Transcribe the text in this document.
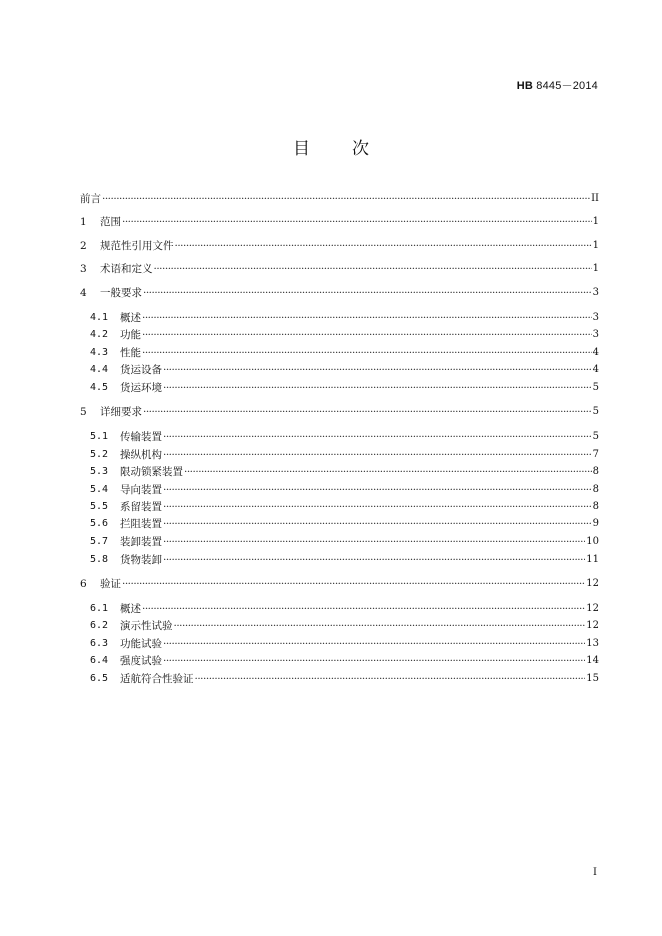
HB 8445－2014
目次
前言 ·····	II
1	范围 ·····	1
2	规范性引用文件 ·····	1
3	术语和定义 ·····	1
4	一般要求 ·····	3
4.1	概述 ·····	3
4.2	功能 ·····	3
4.3	性能 ·····	4
4.4	货运设备 ·····	4
4.5	货运环境 ·····	5
5	详细要求 ·····	5
5.1	传输装置 ·····	5
5.2	操纵机构 ·····	7
5.3	限动锁紧装置 ·····	8
5.4	导向装置 ·····	8
5.5	系留装置 ·····	8
5.6	拦阻装置 ·····	9
5.7	装卸装置 ·····	10
5.8	货物装卸 ·····	11
6	验证 ·····	12
6.1	概述 ·····	12
6.2	演示性试验 ·····	12
6.3	功能试验 ·····	13
6.4	强度试验 ·····	14
6.5	适航符合性验证 ·····	15
I
